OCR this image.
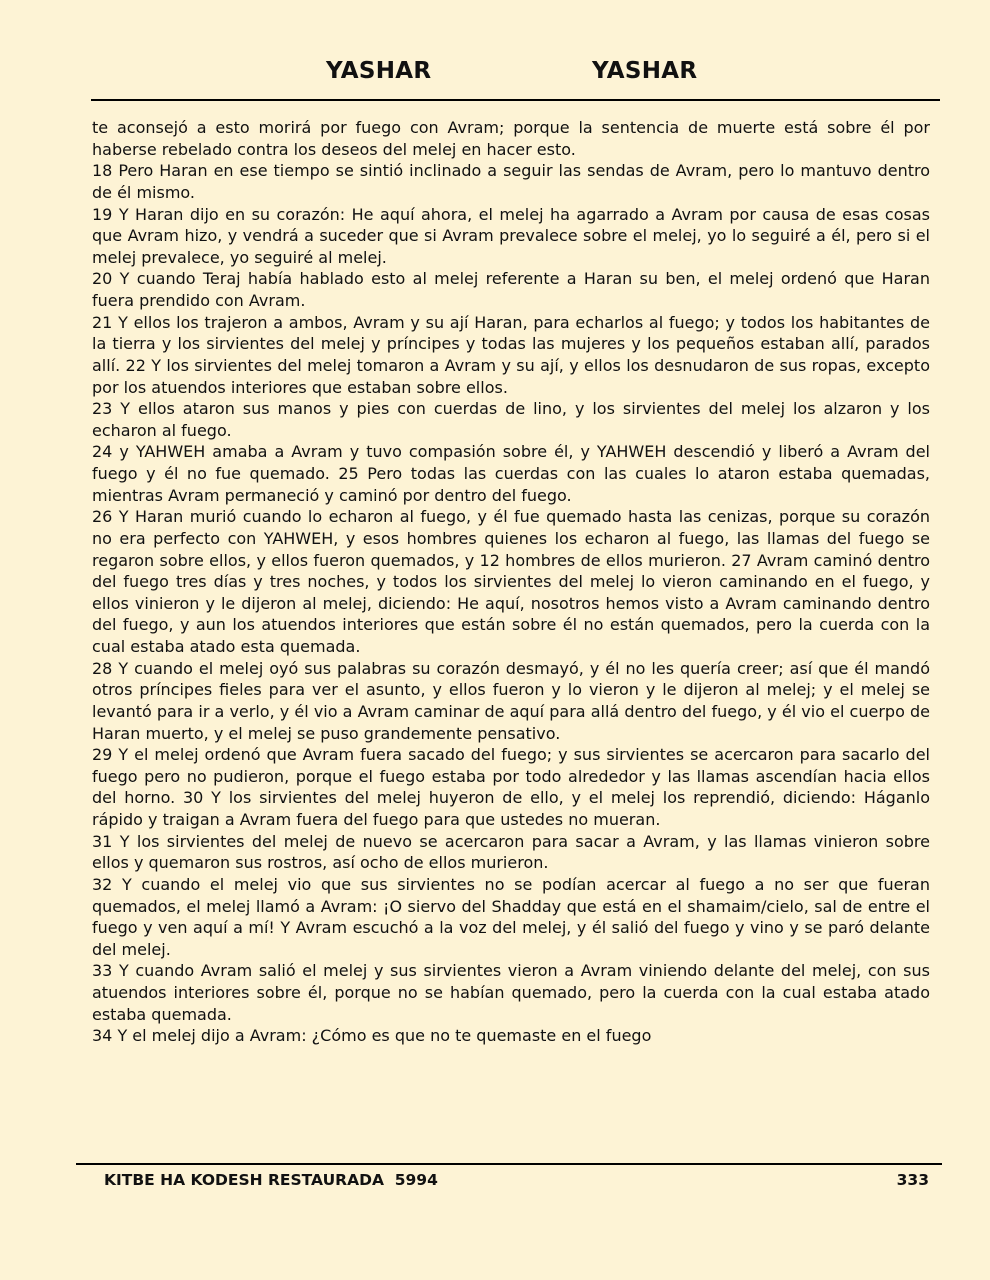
YASHAR	YASHAR

te aconsejó a esto morirá por fuego con Avram; porque la sentencia de muerte está sobre él por haberse rebelado contra los deseos del melej en hacer esto.

18 Pero Haran en ese tiempo se sintió inclinado a seguir las sendas de Avram, pero lo mantuvo dentro de él mismo.

19 Y Haran dijo en su corazón: He aquí ahora, el melej ha agarrado a Avram por causa de esas cosas que Avram hizo, y vendrá a suceder que si Avram prevalece sobre el melej, yo lo seguiré a él, pero si el melej prevalece, yo seguiré al melej.

20 Y cuando Teraj había hablado esto al melej referente a Haran su ben, el melej ordenó que Haran fuera prendido con Avram.

21 Y ellos los trajeron a ambos, Avram y su ají Haran, para echarlos al fuego; y todos los habitantes de la tierra y los sirvientes del melej y príncipes y todas las mujeres y los pequeños estaban allí, parados allí. 22 Y los sirvientes del melej tomaron a Avram y su ají, y ellos los desnudaron de sus ropas, excepto por los atuendos interiores que estaban sobre ellos.

23 Y ellos ataron sus manos y pies con cuerdas de lino, y los sirvientes del melej los alzaron y los echaron al fuego.

24 y YAHWEH amaba a Avram y tuvo compasión sobre él, y YAHWEH descendió y liberó a Avram del fuego y él no fue quemado. 25 Pero todas las cuerdas con las cuales lo ataron estaba quemadas, mientras Avram permaneció y caminó por dentro del fuego.

26 Y Haran murió cuando lo echaron al fuego, y él fue quemado hasta las cenizas, porque su corazón no era perfecto con YAHWEH, y esos hombres quienes los echaron al fuego, las llamas del fuego se regaron sobre ellos, y ellos fueron quemados, y 12 hombres de ellos murieron. 27 Avram caminó dentro del fuego tres días y tres noches, y todos los sirvientes del melej lo vieron caminando en el fuego, y ellos vinieron y le dijeron al melej, diciendo: He aquí, nosotros hemos visto a Avram caminando dentro del fuego, y aun los atuendos interiores que están sobre él no están quemados, pero la cuerda con la cual estaba atado esta quemada.

28 Y cuando el melej oyó sus palabras su corazón desmayó, y él no les quería creer; así que él mandó otros príncipes fieles para ver el asunto, y ellos fueron y lo vieron y le dijeron al melej; y el melej se levantó para ir a verlo, y él vio a Avram caminar de aquí para allá dentro del fuego, y él vio el cuerpo de Haran muerto, y el melej se puso grandemente pensativo.

29 Y el melej ordenó que Avram fuera sacado del fuego; y sus sirvientes se acercaron para sacarlo del fuego pero no pudieron, porque el fuego estaba por todo alrededor y las llamas ascendían hacia ellos del horno. 30 Y los sirvientes del melej huyeron de ello, y el melej los reprendió, diciendo: Háganlo rápido y traigan a Avram fuera del fuego para que ustedes no mueran.

31 Y los sirvientes del melej de nuevo se acercaron para sacar a Avram, y las llamas vinieron sobre ellos y quemaron sus rostros, así ocho de ellos murieron.

32 Y cuando el melej vio que sus sirvientes no se podían acercar al fuego a no ser que fueran quemados, el melej llamó a Avram: ¡O siervo del Shadday que está en el shamaim/cielo, sal de entre el fuego y ven aquí a mí! Y Avram escuchó a la voz del melej, y él salió del fuego y vino y se paró delante del melej.

33 Y cuando Avram salió el melej y sus sirvientes vieron a Avram viniendo delante del melej, con sus atuendos interiores sobre él, porque no se habían quemado, pero la cuerda con la cual estaba atado estaba quemada.

34 Y el melej dijo a Avram: ¿Cómo es que no te quemaste en el fuego

KITBE HA KODESH RESTAURADA  5994	333
